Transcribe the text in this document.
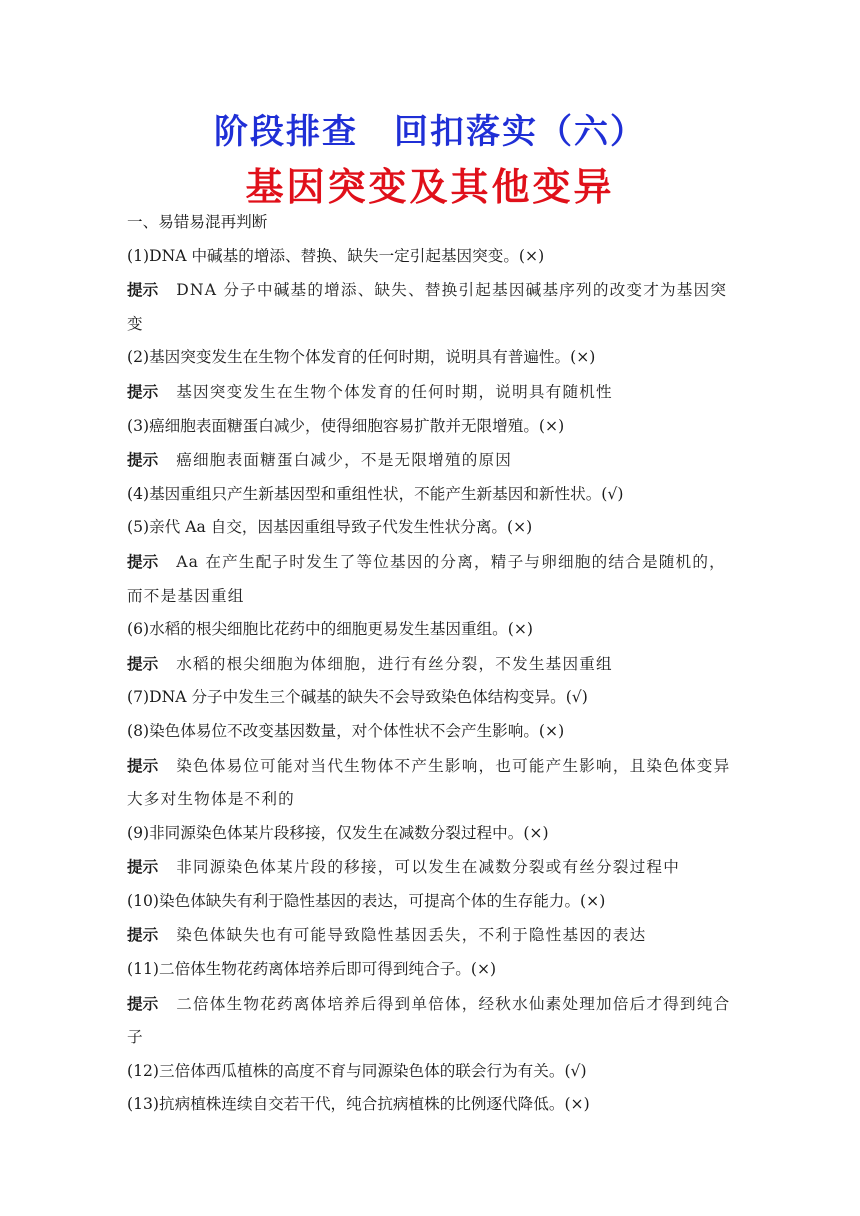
阶段排查　回扣落实（六）
基因突变及其他变异
一、易错易混再判断
(1)DNA 中碱基的增添、替换、缺失一定引起基因突变。(×)
提示 DNA 分子中碱基的增添、缺失、替换引起基因碱基序列的改变才为基因突变
(2)基因突变发生在生物个体发育的任何时期，说明具有普遍性。(×)
提示 基因突变发生在生物个体发育的任何时期，说明具有随机性
(3)癌细胞表面糖蛋白减少，使得细胞容易扩散并无限增殖。(×)
提示 癌细胞表面糖蛋白减少，不是无限增殖的原因
(4)基因重组只产生新基因型和重组性状，不能产生新基因和新性状。(√)
(5)亲代 Aa 自交，因基因重组导致子代发生性状分离。(×)
提示 Aa 在产生配子时发生了等位基因的分离，精子与卵细胞的结合是随机的，而不是基因重组
(6)水稻的根尖细胞比花药中的细胞更易发生基因重组。(×)
提示 水稻的根尖细胞为体细胞，进行有丝分裂，不发生基因重组
(7)DNA 分子中发生三个碱基的缺失不会导致染色体结构变异。(√)
(8)染色体易位不改变基因数量，对个体性状不会产生影响。(×)
提示 染色体易位可能对当代生物体不产生影响，也可能产生影响，且染色体变异大多对生物体是不利的
(9)非同源染色体某片段移接，仅发生在减数分裂过程中。(×)
提示 非同源染色体某片段的移接，可以发生在减数分裂或有丝分裂过程中
(10)染色体缺失有利于隐性基因的表达，可提高个体的生存能力。(×)
提示 染色体缺失也有可能导致隐性基因丢失，不利于隐性基因的表达
(11)二倍体生物花药离体培养后即可得到纯合子。(×)
提示 二倍体生物花药离体培养后得到单倍体，经秋水仙素处理加倍后才得到纯合子
(12)三倍体西瓜植株的高度不育与同源染色体的联会行为有关。(√)
(13)抗病植株连续自交若干代，纯合抗病植株的比例逐代降低。(×)
